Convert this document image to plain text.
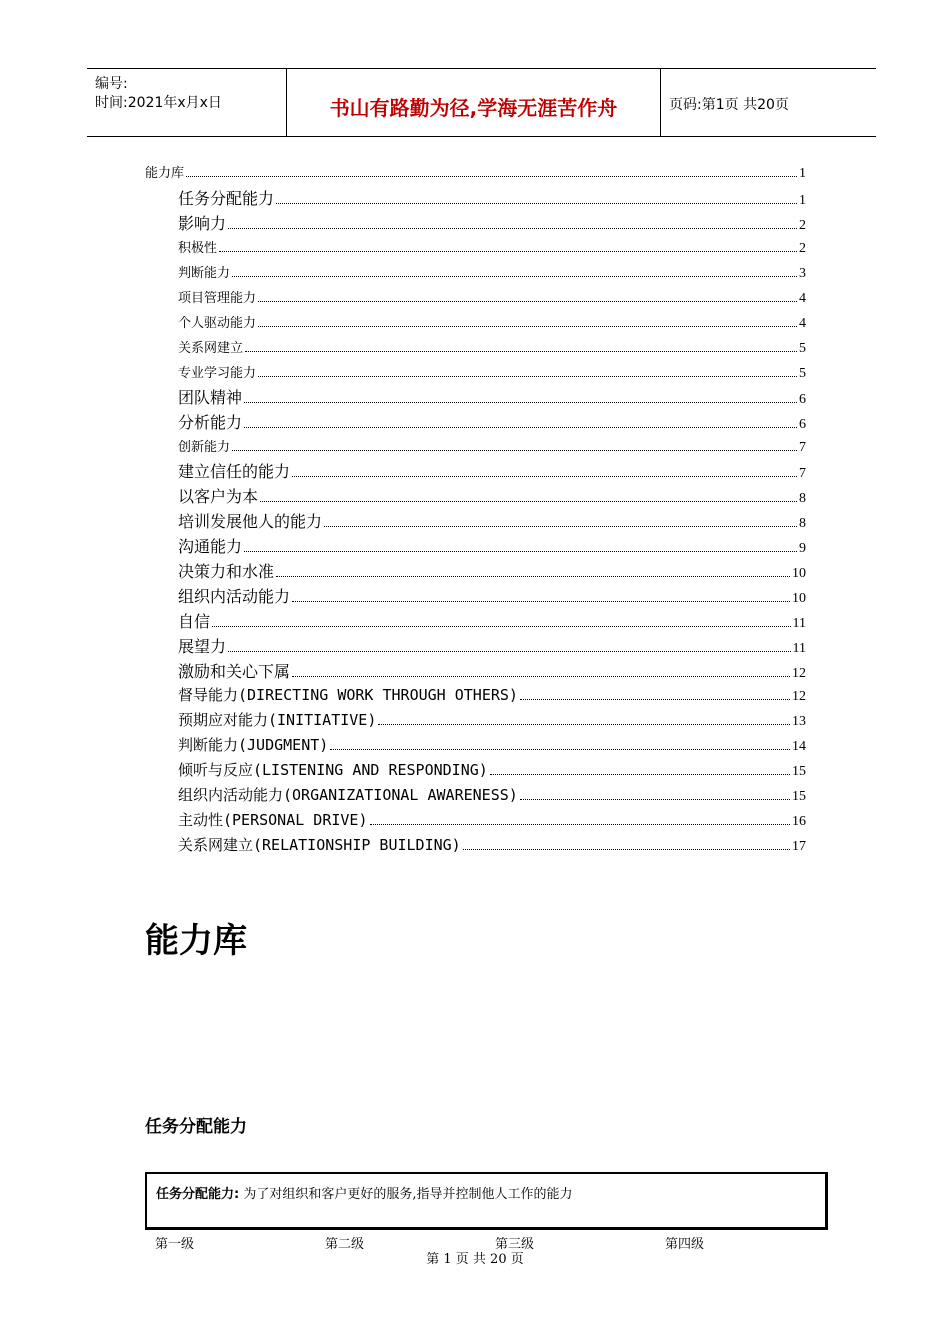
编号:
时间:2021年x月x日	书山有路勤为径,学海无涯苦作舟	页码:第1页 共20页
能力库	1
任务分配能力	1
影响力	2
积极性	2
判断能力	3
项目管理能力	4
个人驱动能力	4
关系网建立	5
专业学习能力	5
团队精神	6
分析能力	6
创新能力	7
建立信任的能力	7
以客户为本	8
培训发展他人的能力	8
沟通能力	9
决策力和水准	10
组织内活动能力	10
自信	11
展望力	11
激励和关心下属	12
督导能力(DIRECTING WORK THROUGH OTHERS)	12
预期应对能力(INITIATIVE)	13
判断能力(JUDGMENT)	14
倾听与反应(LISTENING AND RESPONDING)	15
组织内活动能力(ORGANIZATIONAL AWARENESS)	15
主动性(PERSONAL DRIVE)	16
关系网建立(RELATIONSHIP BUILDING)	17
能力库
任务分配能力
任务分配能力: 为了对组织和客户更好的服务,指导并控制他人工作的能力
第一级	第二级	第三级	第四级
第 1 页 共 20 页
